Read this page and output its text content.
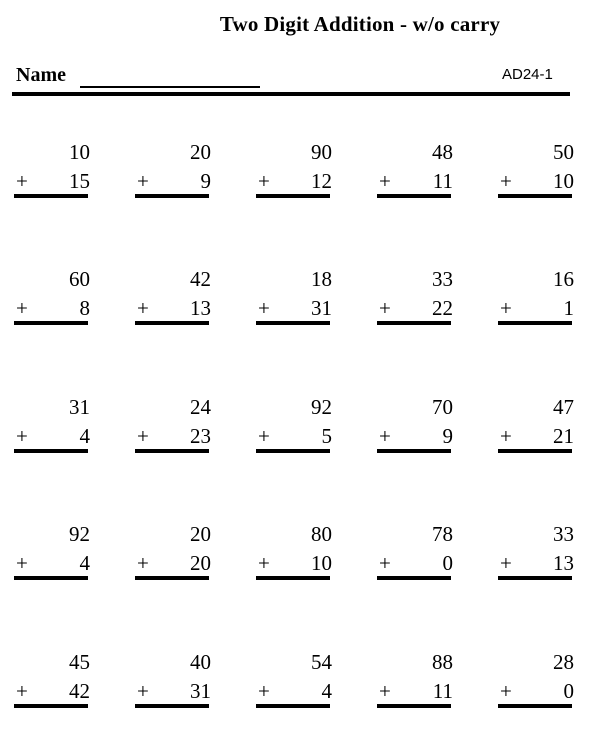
Two Digit Addition - w/o carry
Name	AD24-1
10
+ 15
20
+ 9
90
+ 12
48
+ 11
50
+ 10
60
+ 8
42
+ 13
18
+ 31
33
+ 22
16
+ 1
31
+ 4
24
+ 23
92
+ 5
70
+ 9
47
+ 21
92
+ 4
20
+ 20
80
+ 10
78
+ 0
33
+ 13
45
+ 42
40
+ 31
54
+ 4
88
+ 11
28
+ 0
